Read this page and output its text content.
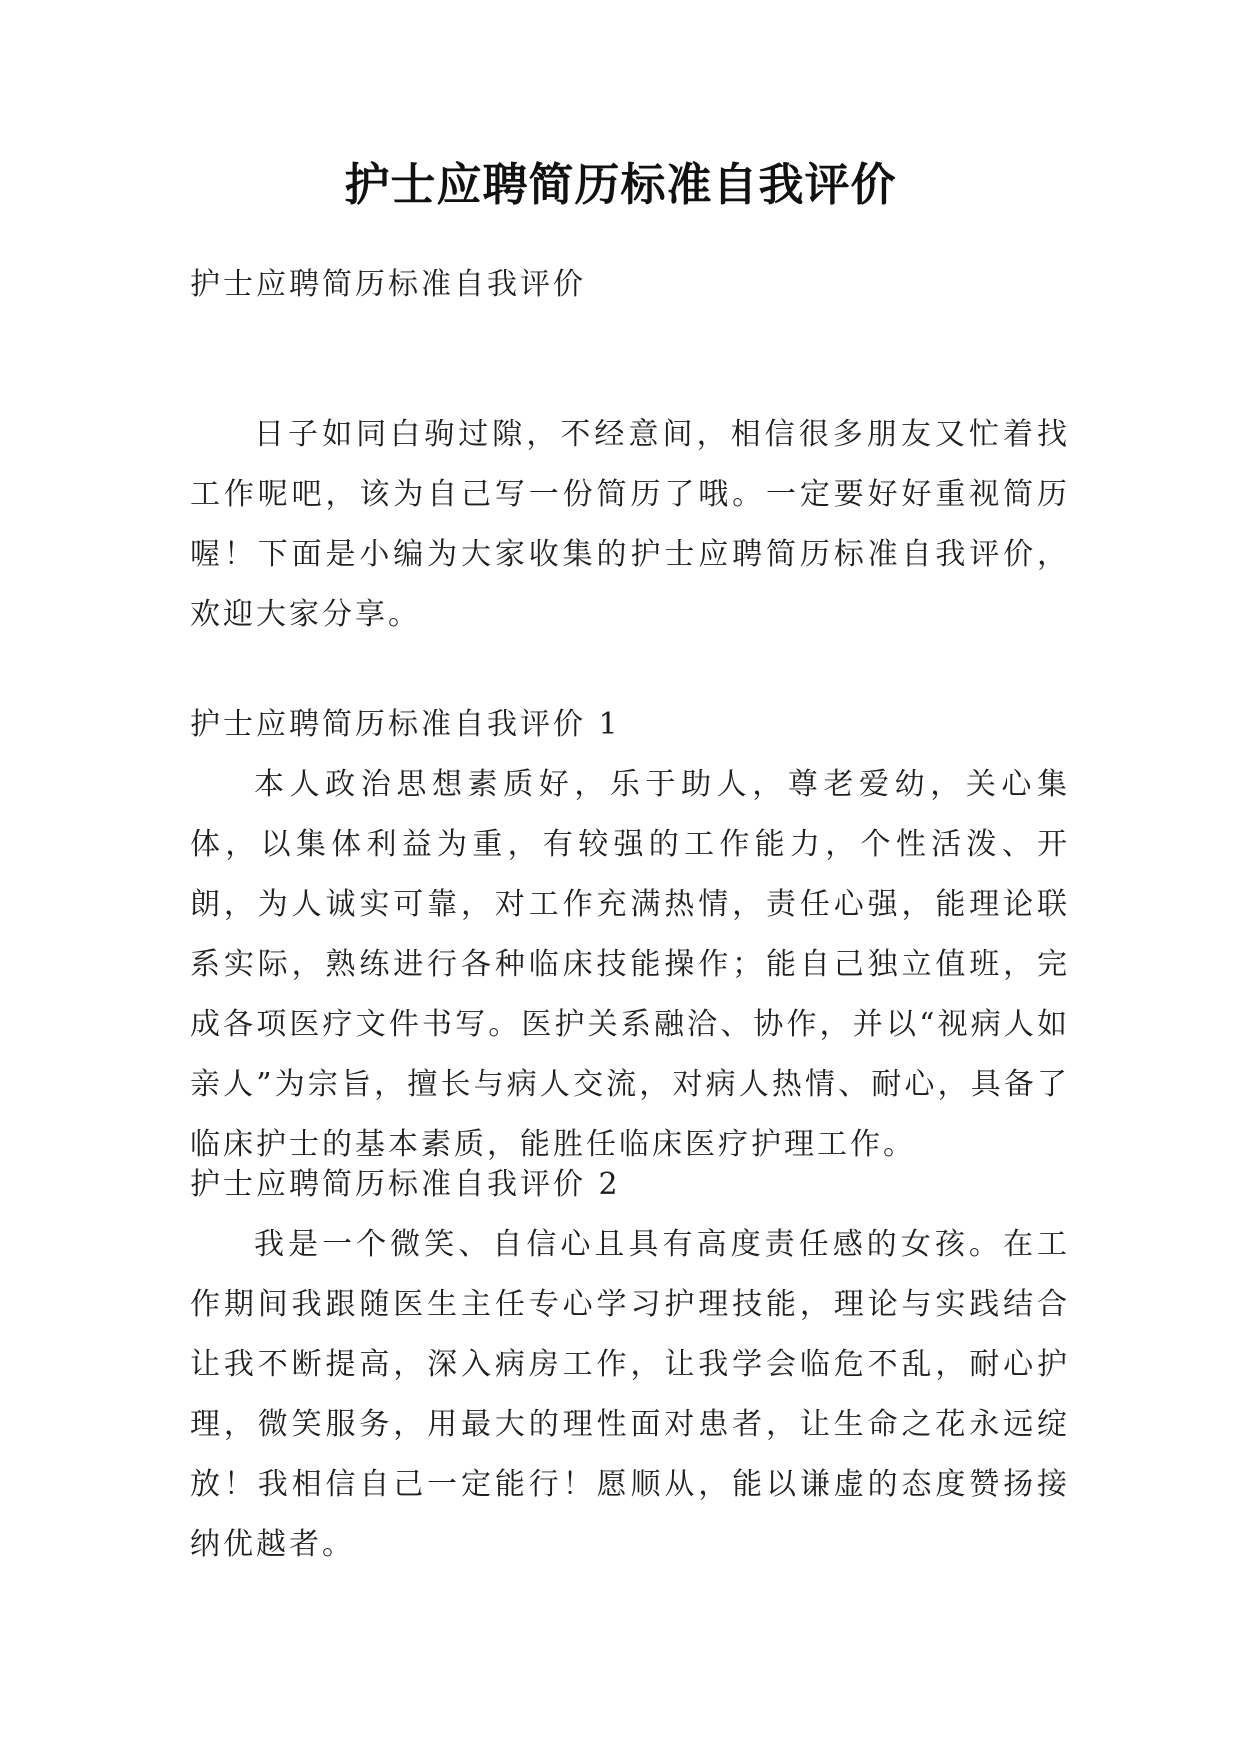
护士应聘简历标准自我评价
护士应聘简历标准自我评价
日子如同白驹过隙，不经意间，相信很多朋友又忙着找工作呢吧，该为自己写一份简历了哦。一定要好好重视简历喔！下面是小编为大家收集的护士应聘简历标准自我评价，欢迎大家分享。
护士应聘简历标准自我评价 1
本人政治思想素质好，乐于助人，尊老爱幼，关心集体，以集体利益为重，有较强的工作能力，个性活泼、开朗，为人诚实可靠，对工作充满热情，责任心强，能理论联系实际，熟练进行各种临床技能操作；能自己独立值班，完成各项医疗文件书写。医护关系融洽、协作，并以“视病人如亲人”为宗旨，擅长与病人交流，对病人热情、耐心，具备了临床护士的基本素质，能胜任临床医疗护理工作。
护士应聘简历标准自我评价 2
我是一个微笑、自信心且具有高度责任感的女孩。在工作期间我跟随医生主任专心学习护理技能，理论与实践结合让我不断提高，深入病房工作，让我学会临危不乱，耐心护理，微笑服务，用最大的理性面对患者，让生命之花永远绽放！我相信自己一定能行！愿顺从，能以谦虚的态度赞扬接纳优越者。
